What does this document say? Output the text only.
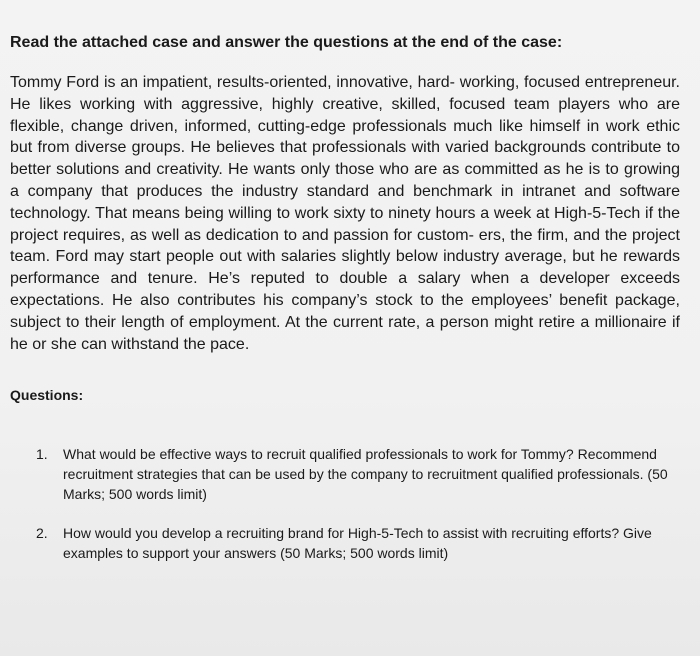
Read the attached case and answer the questions at the end of the case:

Tommy Ford is an impatient, results-oriented, innovative, hard- working, focused entrepreneur. He likes working with aggressive, highly creative, skilled, focused team players who are flexible, change driven, informed, cutting-edge professionals much like himself in work ethic but from diverse groups. He believes that professionals with varied backgrounds contribute to better solutions and creativity. He wants only those who are as committed as he is to growing a company that produces the industry standard and benchmark in intranet and software technology. That means being willing to work sixty to ninety hours a week at High-5-Tech if the project requires, as well as dedication to and passion for custom- ers, the firm, and the project team. Ford may start people out with salaries slightly below industry average, but he rewards performance and tenure. He’s reputed to double a salary when a developer exceeds expectations. He also contributes his company’s stock to the employees’ benefit package, subject to their length of employment. At the current rate, a person might retire a millionaire if he or she can withstand the pace.

Questions:
1.	What would be effective ways to recruit qualified professionals to work for Tommy? Recommend recruitment strategies that can be used by the company to recruitment qualified professionals. (50 Marks; 500 words limit)
2.	How would you develop a recruiting brand for High-5-Tech to assist with recruiting efforts? Give examples to support your answers (50 Marks; 500 words limit)
